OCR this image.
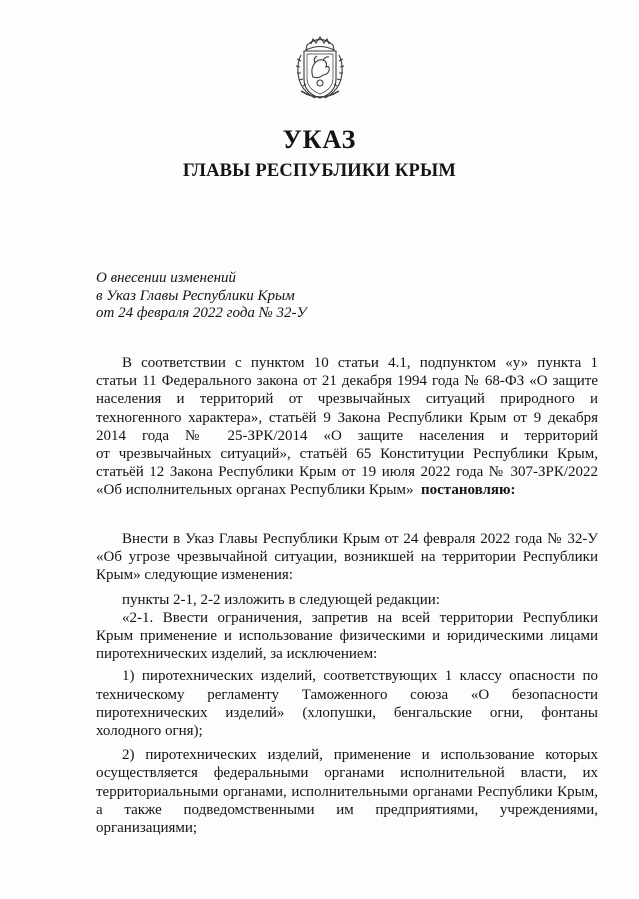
УКАЗ
ГЛАВЫ РЕСПУБЛИКИ КРЫМ
О внесении изменений
в Указ Главы Республики Крым
от 24 февраля 2022 года № 32-У
В соответствии с пунктом 10 статьи 4.1, подпунктом «у» пункта 1
статьи 11 Федерального закона от 21 декабря 1994 года № 68-ФЗ «О защите
населения и территорий от чрезвычайных ситуаций природного и
техногенного характера», статьёй 9 Закона Республики Крым от 9 декабря
2014 года № 25-ЗРК/2014 «О защите населения и территорий
от чрезвычайных ситуаций», статьёй 65 Конституции Республики Крым,
статьёй 12 Закона Республики Крым от 19 июля 2022 года № 307-ЗРК/2022
«Об исполнительных органах Республики Крым» постановляю:
Внести в Указ Главы Республики Крым от 24 февраля 2022 года № 32-У
«Об угрозе чрезвычайной ситуации, возникшей на территории Республики
Крым» следующие изменения:
пункты 2-1, 2-2 изложить в следующей редакции:
«2-1. Ввести ограничения, запретив на всей территории Республики
Крым применение и использование физическими и юридическими лицами
пиротехнических изделий, за исключением:
1) пиротехнических изделий, соответствующих 1 классу опасности по
техническому регламенту Таможенного союза «О безопасности
пиротехнических изделий» (хлопушки, бенгальские огни, фонтаны
холодного огня);
2) пиротехнических изделий, применение и использование которых
осуществляется федеральными органами исполнительной власти, их
территориальными органами, исполнительными органами Республики Крым,
а также подведомственными им предприятиями, учреждениями,
организациями;
